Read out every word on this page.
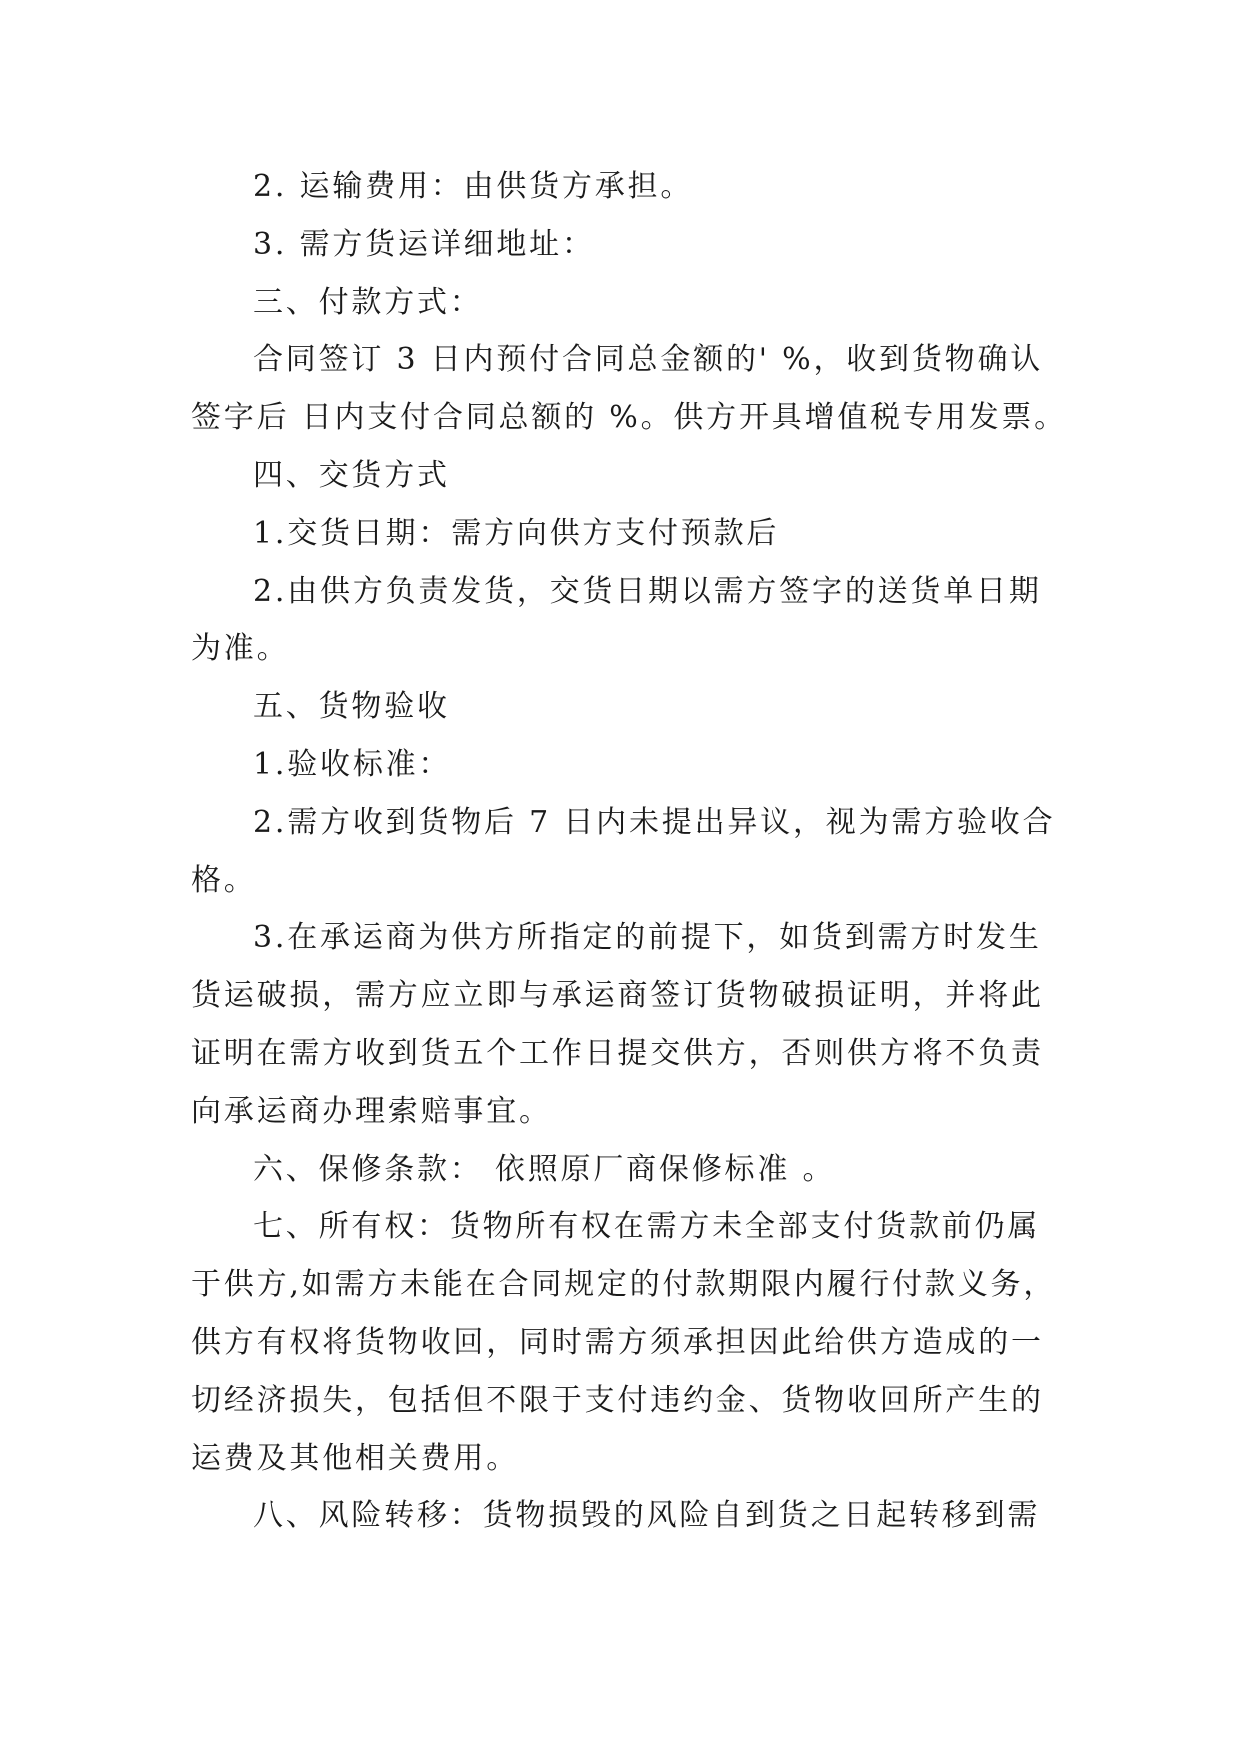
2. 运输费用：由供货方承担。

3. 需方货运详细地址：

三、付款方式：

合同签订 3 日内预付合同总金额的' %，收到货物确认
签字后 日内支付合同总额的 %。供方开具增值税专用发票。

四、交货方式

1.交货日期：需方向供方支付预款后

2.由供方负责发货，交货日期以需方签字的送货单日期
为准。

五、货物验收

1.验收标准：

2.需方收到货物后 7 日内未提出异议，视为需方验收合
格。

3.在承运商为供方所指定的前提下，如货到需方时发生
货运破损，需方应立即与承运商签订货物破损证明，并将此
证明在需方收到货五个工作日提交供方，否则供方将不负责
向承运商办理索赔事宜。

六、保修条款： 依照原厂商保修标准 。

七、所有权：货物所有权在需方未全部支付货款前仍属
于供方,如需方未能在合同规定的付款期限内履行付款义务，
供方有权将货物收回，同时需方须承担因此给供方造成的一
切经济损失，包括但不限于支付违约金、货物收回所产生的
运费及其他相关费用。

八、风险转移：货物损毁的风险自到货之日起转移到需
